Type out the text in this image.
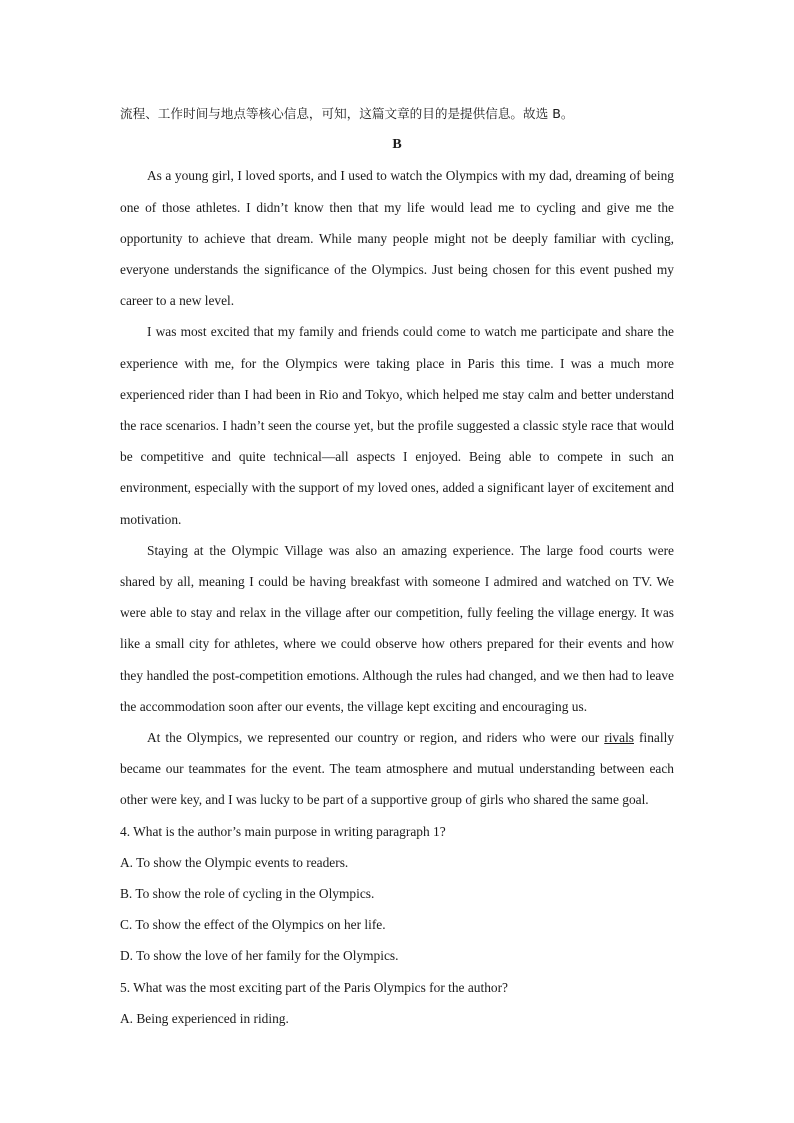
流程、工作时间与地点等核心信息，可知，这篇文章的目的是提供信息。故选 B。
B

As a young girl, I loved sports, and I used to watch the Olympics with my dad, dreaming of being one of those athletes. I didn’t know then that my life would lead me to cycling and give me the opportunity to achieve that dream. While many people might not be deeply familiar with cycling, everyone understands the significance of the Olympics. Just being chosen for this event pushed my career to a new level.

I was most excited that my family and friends could come to watch me participate and share the experience with me, for the Olympics were taking place in Paris this time. I was a much more experienced rider than I had been in Rio and Tokyo, which helped me stay calm and better understand the race scenarios. I hadn’t seen the course yet, but the profile suggested a classic style race that would be competitive and quite technical—all aspects I enjoyed. Being able to compete in such an environment, especially with the support of my loved ones, added a significant layer of excitement and motivation.

Staying at the Olympic Village was also an amazing experience. The large food courts were shared by all, meaning I could be having breakfast with someone I admired and watched on TV. We were able to stay and relax in the village after our competition, fully feeling the village energy. It was like a small city for athletes, where we could observe how others prepared for their events and how they handled the post-competition emotions. Although the rules had changed, and we then had to leave the accommodation soon after our events, the village kept exciting and encouraging us.

At the Olympics, we represented our country or region, and riders who were our rivals finally became our teammates for the event. The team atmosphere and mutual understanding between each other were key, and I was lucky to be part of a supportive group of girls who shared the same goal.

4. What is the author’s main purpose in writing paragraph 1?
A. To show the Olympic events to readers.
B. To show the role of cycling in the Olympics.
C. To show the effect of the Olympics on her life.
D. To show the love of her family for the Olympics.
5. What was the most exciting part of the Paris Olympics for the author?
A. Being experienced in riding.
